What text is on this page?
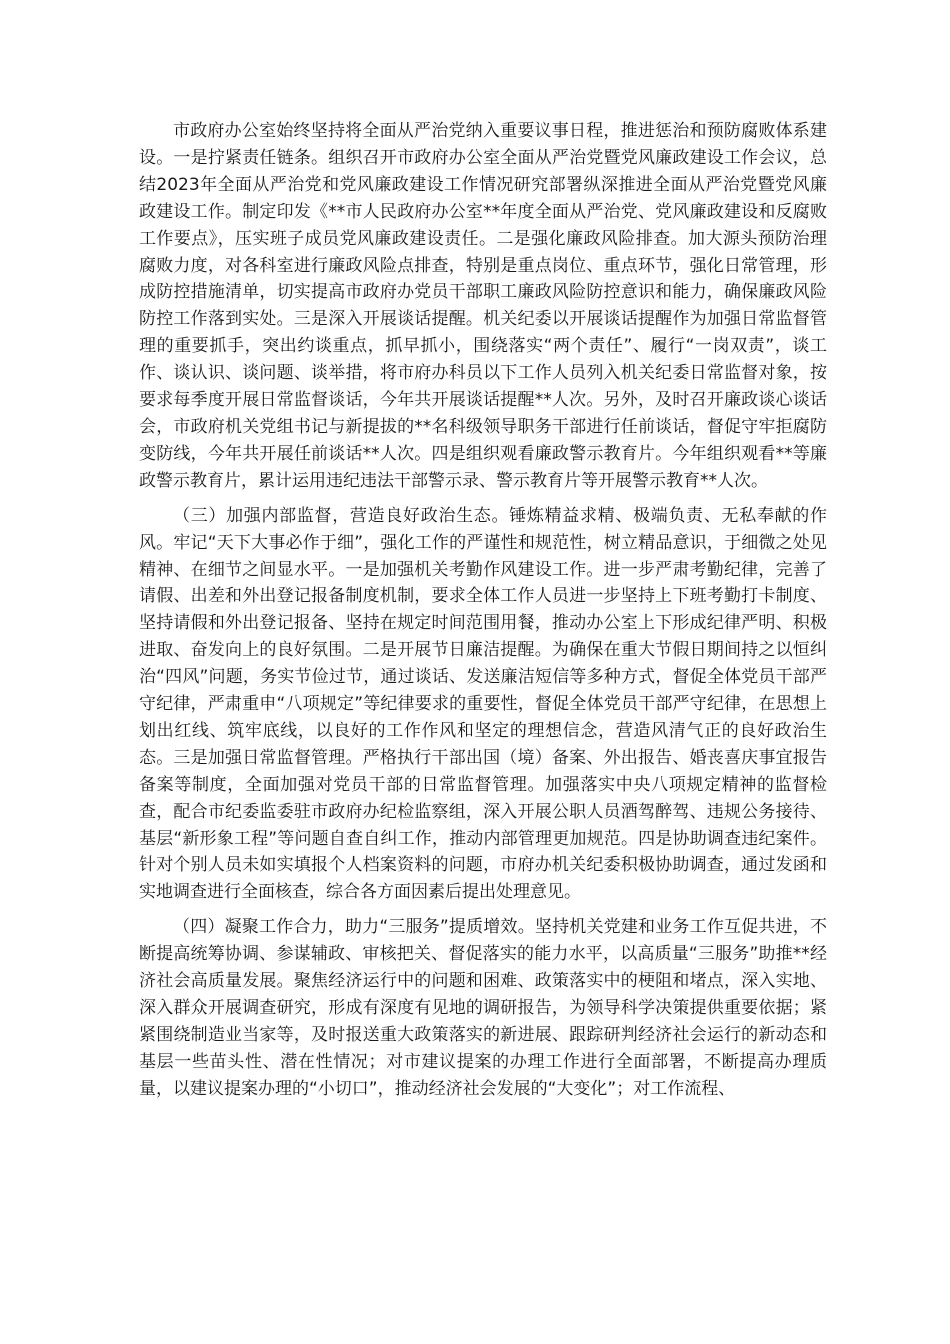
市政府办公室始终坚持将全面从严治党纳入重要议事日程，推进惩治和预防腐败体系建设。一是拧紧责任链条。组织召开市政府办公室全面从严治党暨党风廉政建设工作会议，总结2023年全面从严治党和党风廉政建设工作情况研究部署纵深推进全面从严治党暨党风廉政建设工作。制定印发《**市人民政府办公室**年度全面从严治党、党风廉政建设和反腐败工作要点》，压实班子成员党风廉政建设责任。二是强化廉政风险排查。加大源头预防治理腐败力度，对各科室进行廉政风险点排查，特别是重点岗位、重点环节，强化日常管理，形成防控措施清单，切实提高市政府办党员干部职工廉政风险防控意识和能力，确保廉政风险防控工作落到实处。三是深入开展谈话提醒。机关纪委以开展谈话提醒作为加强日常监督管理的重要抓手，突出约谈重点，抓早抓小，围绕落实“两个责任”、履行“一岗双责”，谈工作、谈认识、谈问题、谈举措，将市府办科员以下工作人员列入机关纪委日常监督对象，按要求每季度开展日常监督谈话，今年共开展谈话提醒**人次。另外，及时召开廉政谈心谈话会，市政府机关党组书记与新提拔的**名科级领导职务干部进行任前谈话，督促守牢拒腐防变防线，今年共开展任前谈话**人次。四是组织观看廉政警示教育片。今年组织观看**等廉政警示教育片，累计运用违纪违法干部警示录、警示教育片等开展警示教育**人次。

（三）加强内部监督，营造良好政治生态。锤炼精益求精、极端负责、无私奉献的作风。牢记“天下大事必作于细”，强化工作的严谨性和规范性，树立精品意识，于细微之处见精神、在细节之间显水平。一是加强机关考勤作风建设工作。进一步严肃考勤纪律，完善了请假、出差和外出登记报备制度机制，要求全体工作人员进一步坚持上下班考勤打卡制度、坚持请假和外出登记报备、坚持在规定时间范围用餐，推动办公室上下形成纪律严明、积极进取、奋发向上的良好氛围。二是开展节日廉洁提醒。为确保在重大节假日期间持之以恒纠治“四风”问题，务实节俭过节，通过谈话、发送廉洁短信等多种方式，督促全体党员干部严守纪律，严肃重申“八项规定”等纪律要求的重要性，督促全体党员干部严守纪律，在思想上划出红线、筑牢底线，以良好的工作作风和坚定的理想信念，营造风清气正的良好政治生态。三是加强日常监督管理。严格执行干部出国（境）备案、外出报告、婚丧喜庆事宜报告备案等制度，全面加强对党员干部的日常监督管理。加强落实中央八项规定精神的监督检查，配合市纪委监委驻市政府办纪检监察组，深入开展公职人员酒驾醉驾、违规公务接待、基层“新形象工程”等问题自查自纠工作，推动内部管理更加规范。四是协助调查违纪案件。针对个别人员未如实填报个人档案资料的问题，市府办机关纪委积极协助调查，通过发函和实地调查进行全面核查，综合各方面因素后提出处理意见。

（四）凝聚工作合力，助力“三服务”提质增效。坚持机关党建和业务工作互促共进，不断提高统筹协调、参谋辅政、审核把关、督促落实的能力水平，以高质量“三服务”助推**经济社会高质量发展。聚焦经济运行中的问题和困难、政策落实中的梗阻和堵点，深入实地、深入群众开展调查研究，形成有深度有见地的调研报告，为领导科学决策提供重要依据；紧紧围绕制造业当家等，及时报送重大政策落实的新进展、跟踪研判经济社会运行的新动态和基层一些苗头性、潜在性情况；对市建议提案的办理工作进行全面部署，不断提高办理质量，以建议提案办理的“小切口”，推动经济社会发展的“大变化”；对工作流程、
